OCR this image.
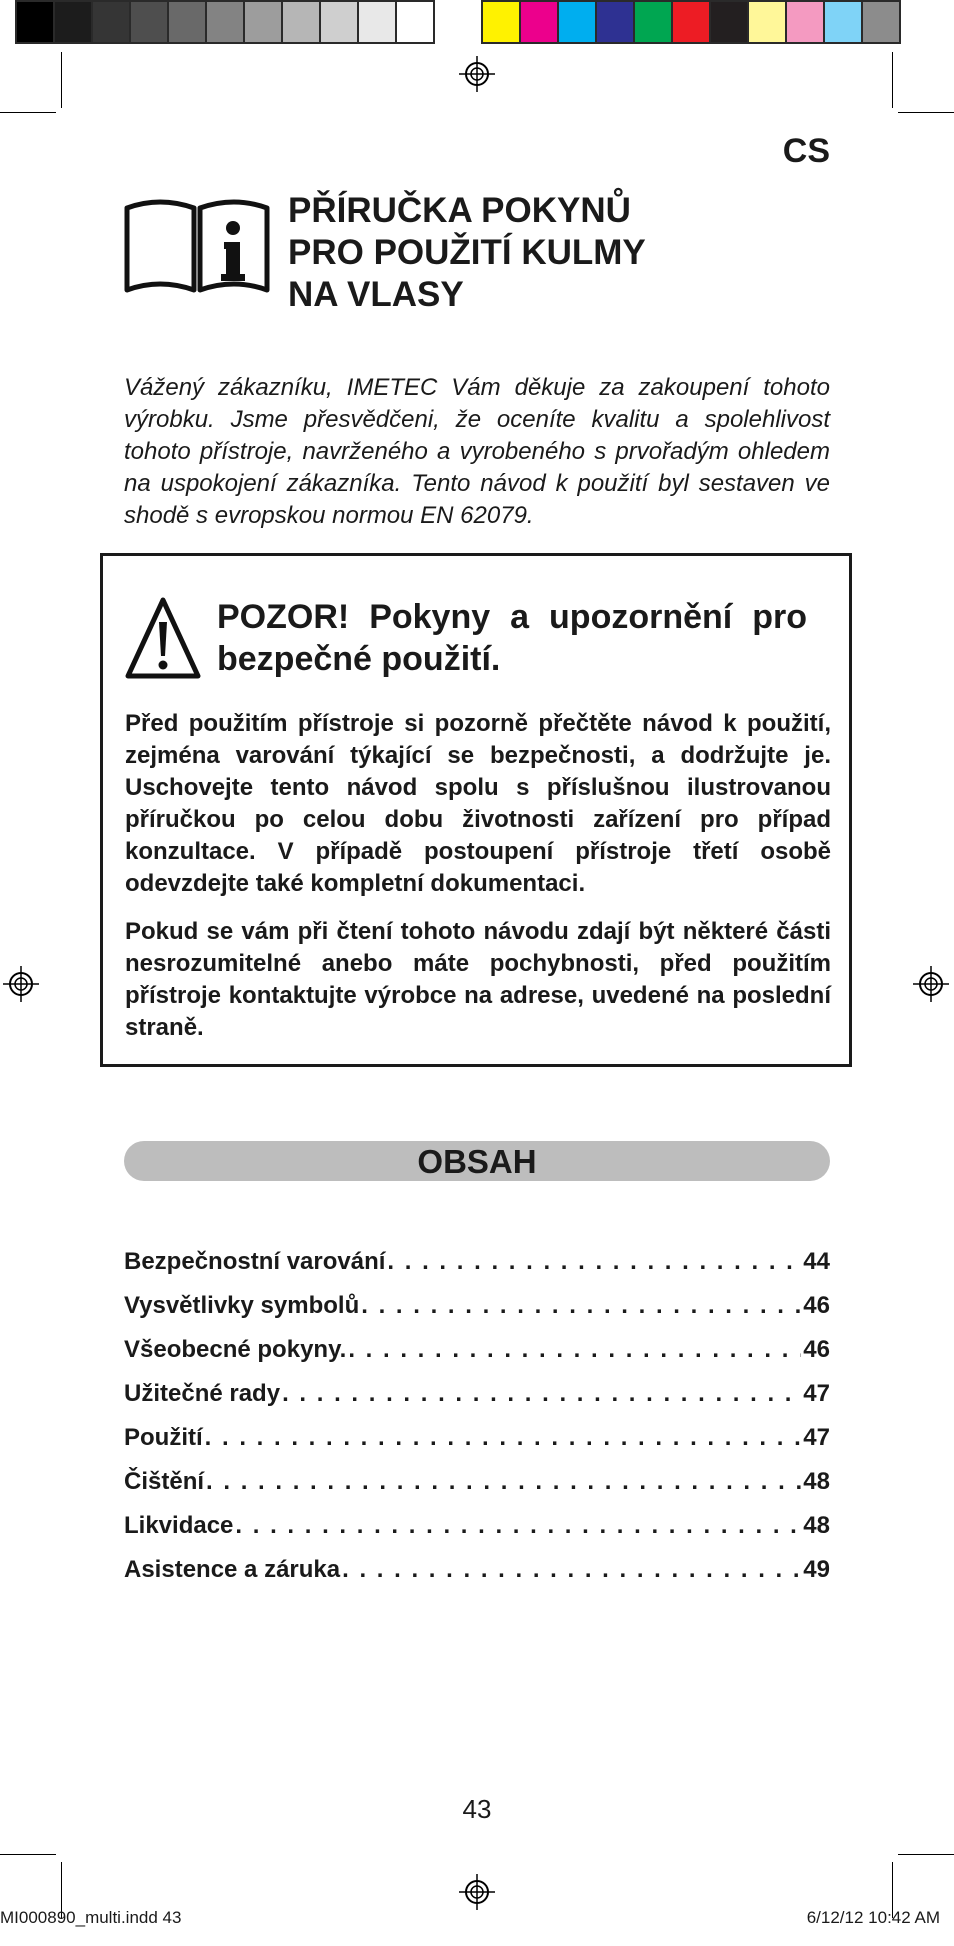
CS
PŘÍRUČKA POKYNŮ
PRO POUŽITÍ KULMY
NA VLASY
Vážený zákazníku, IMETEC Vám děkuje za zakoupení tohoto výrobku. Jsme přesvědčeni, že oceníte kvalitu a spolehlivost tohoto přístroje, navrženého a vyrobeného s prvořadým ohledem na uspokojení zákazníka. Tento návod k použití byl sestaven ve shodě s evropskou normou EN 62079.
POZOR! Pokyny a upozornění pro bezpečné použití.
Před použitím přístroje si pozorně přečtěte návod k použití, zejména varování týkající se bezpečnosti, a dodržujte je. Uschovejte tento návod spolu s příslušnou ilustrovanou příručkou po celou dobu životnosti zařízení pro případ konzultace. V případě postoupení přístroje třetí osobě odevzdejte také kompletní dokumentaci.
Pokud se vám při čtení tohoto návodu zdají být některé části nesrozumitelné anebo máte pochybnosti, před použitím přístroje kontaktujte výrobce na adrese, uvedené na poslední straně.
OBSAH
Bezpečnostní varování . . .	44
Vysvětlivky symbolů . . .	46
Všeobecné pokyny. . . .	46
Užitečné rady . . .	47
Použití . . .	47
Čištění . . .	48
Likvidace . . .	48
Asistence a záruka . . .	49
43
MI000890_multi.indd 43	6/12/12 10:42 AM
